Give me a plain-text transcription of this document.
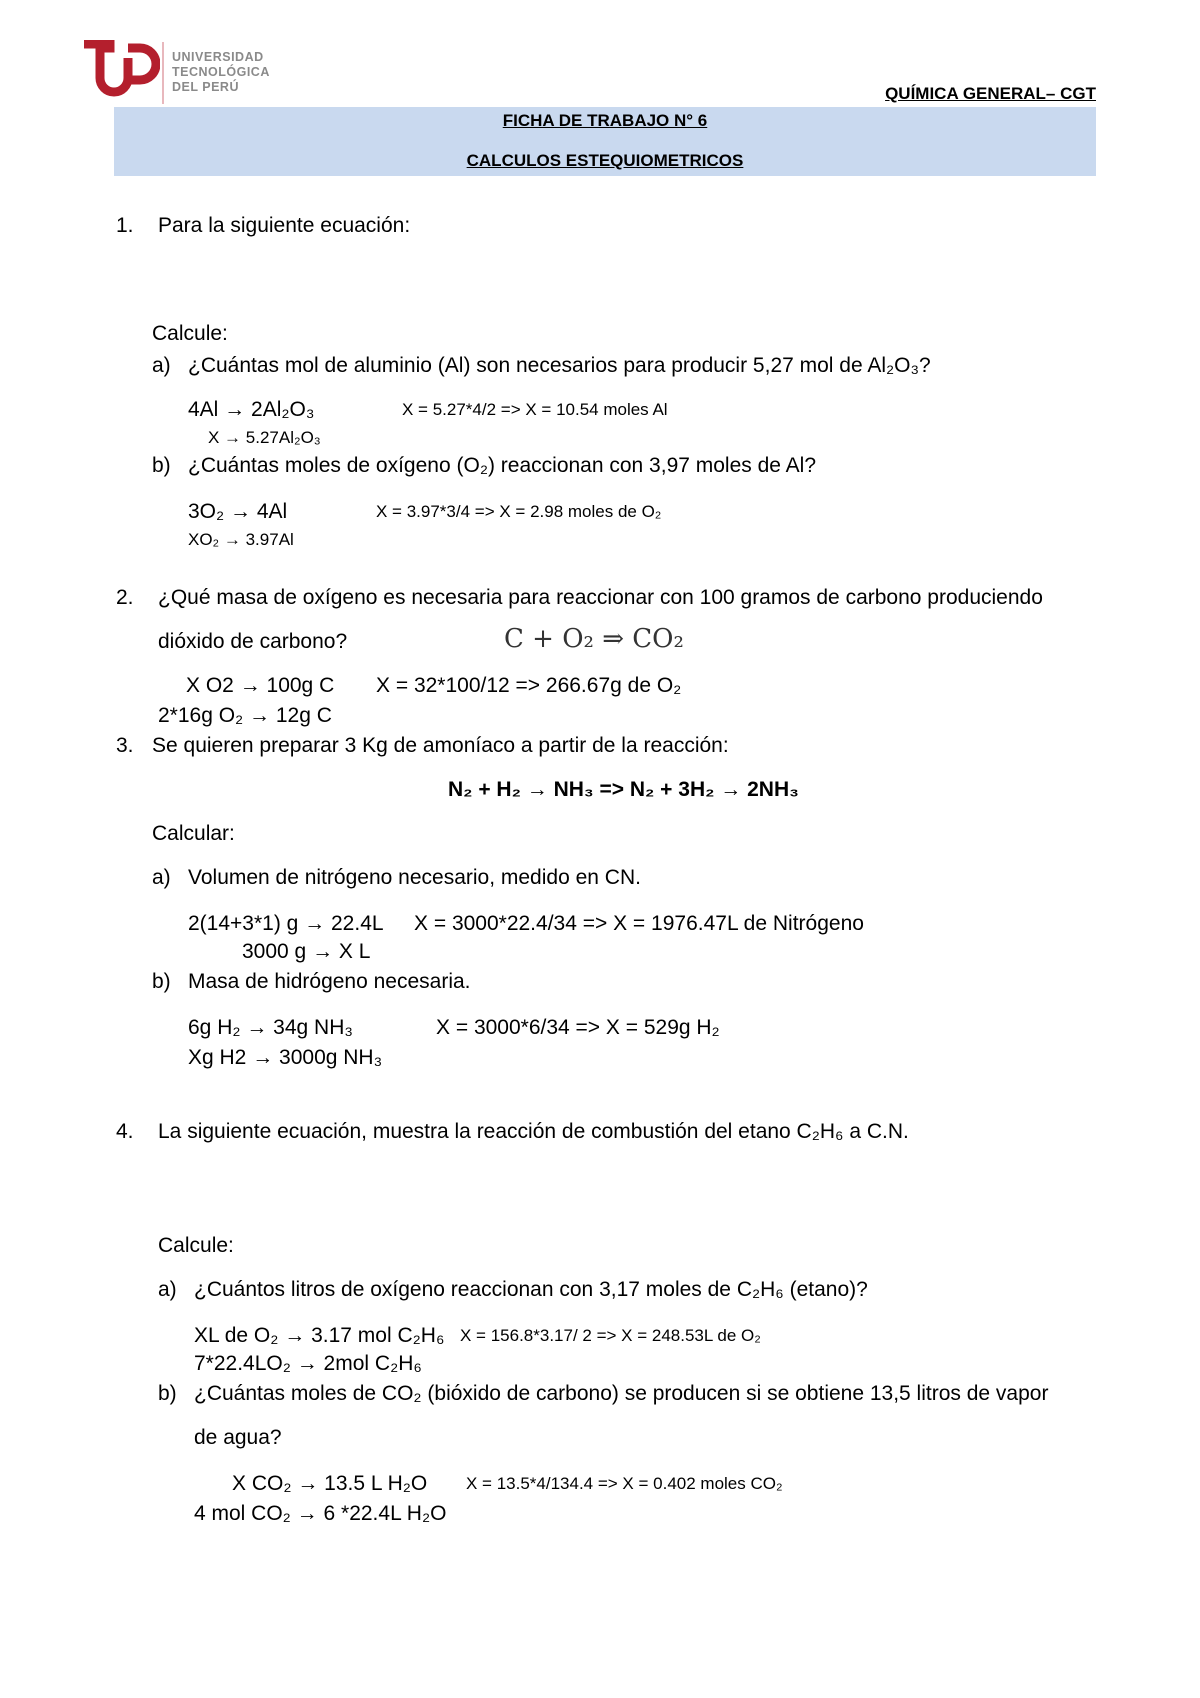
UNIVERSIDAD
TECNOLÓGICA
DEL PERÚ	QUÍMICA GENERAL– CGT
FICHA DE TRABAJO N° 6
CALCULOS ESTEQUIOMETRICOS
1. Para la siguiente ecuación:
Calcule:
a) ¿Cuántas mol de aluminio (Al) son necesarios para producir 5,27 mol de Al₂O₃?
4Al → 2Al₂O₃	X = 5.27*4/2 => X = 10.54 moles Al
X → 5.27Al₂O₃
b) ¿Cuántas moles de oxígeno (O₂) reaccionan con 3,97 moles de Al?
3O₂ → 4Al	X = 3.97*3/4 => X = 2.98 moles de O₂
XO₂ → 3.97Al
2. ¿Qué masa de oxígeno es necesaria para reaccionar con 100 gramos de carbono produciendo
dióxido de carbono?	C + O₂ ⇒ CO₂
X O2 → 100g C X = 32*100/12 => 266.67g de O₂
2*16g O₂ → 12g C
3. Se quieren preparar 3 Kg de amoníaco a partir de la reacción:
N₂ + H₂ → NH₃ => N₂ + 3H₂ → 2NH₃
Calcular:
a) Volumen de nitrógeno necesario, medido en CN.
2(14+3*1) g → 22.4L X = 3000*22.4/34 => X = 1976.47L de Nitrógeno
3000 g → X L
b) Masa de hidrógeno necesaria.
6g H₂ → 34g NH₃	X = 3000*6/34 => X = 529g H₂
Xg H2 → 3000g NH₃
4. La siguiente ecuación, muestra la reacción de combustión del etano C₂H₆ a C.N.
Calcule:
a) ¿Cuántos litros de oxígeno reaccionan con 3,17 moles de C₂H₆ (etano)?
XL de O₂ → 3.17 mol C₂H₆ X = 156.8*3.17/ 2 => X = 248.53L de O₂
7*22.4LO₂ → 2mol C₂H₆
b) ¿Cuántas moles de CO₂ (bióxido de carbono) se producen si se obtiene 13,5 litros de vapor
de agua?
X CO₂ → 13.5 L H₂O X = 13.5*4/134.4 => X = 0.402 moles CO₂
4 mol CO₂ → 6 *22.4L H₂O
